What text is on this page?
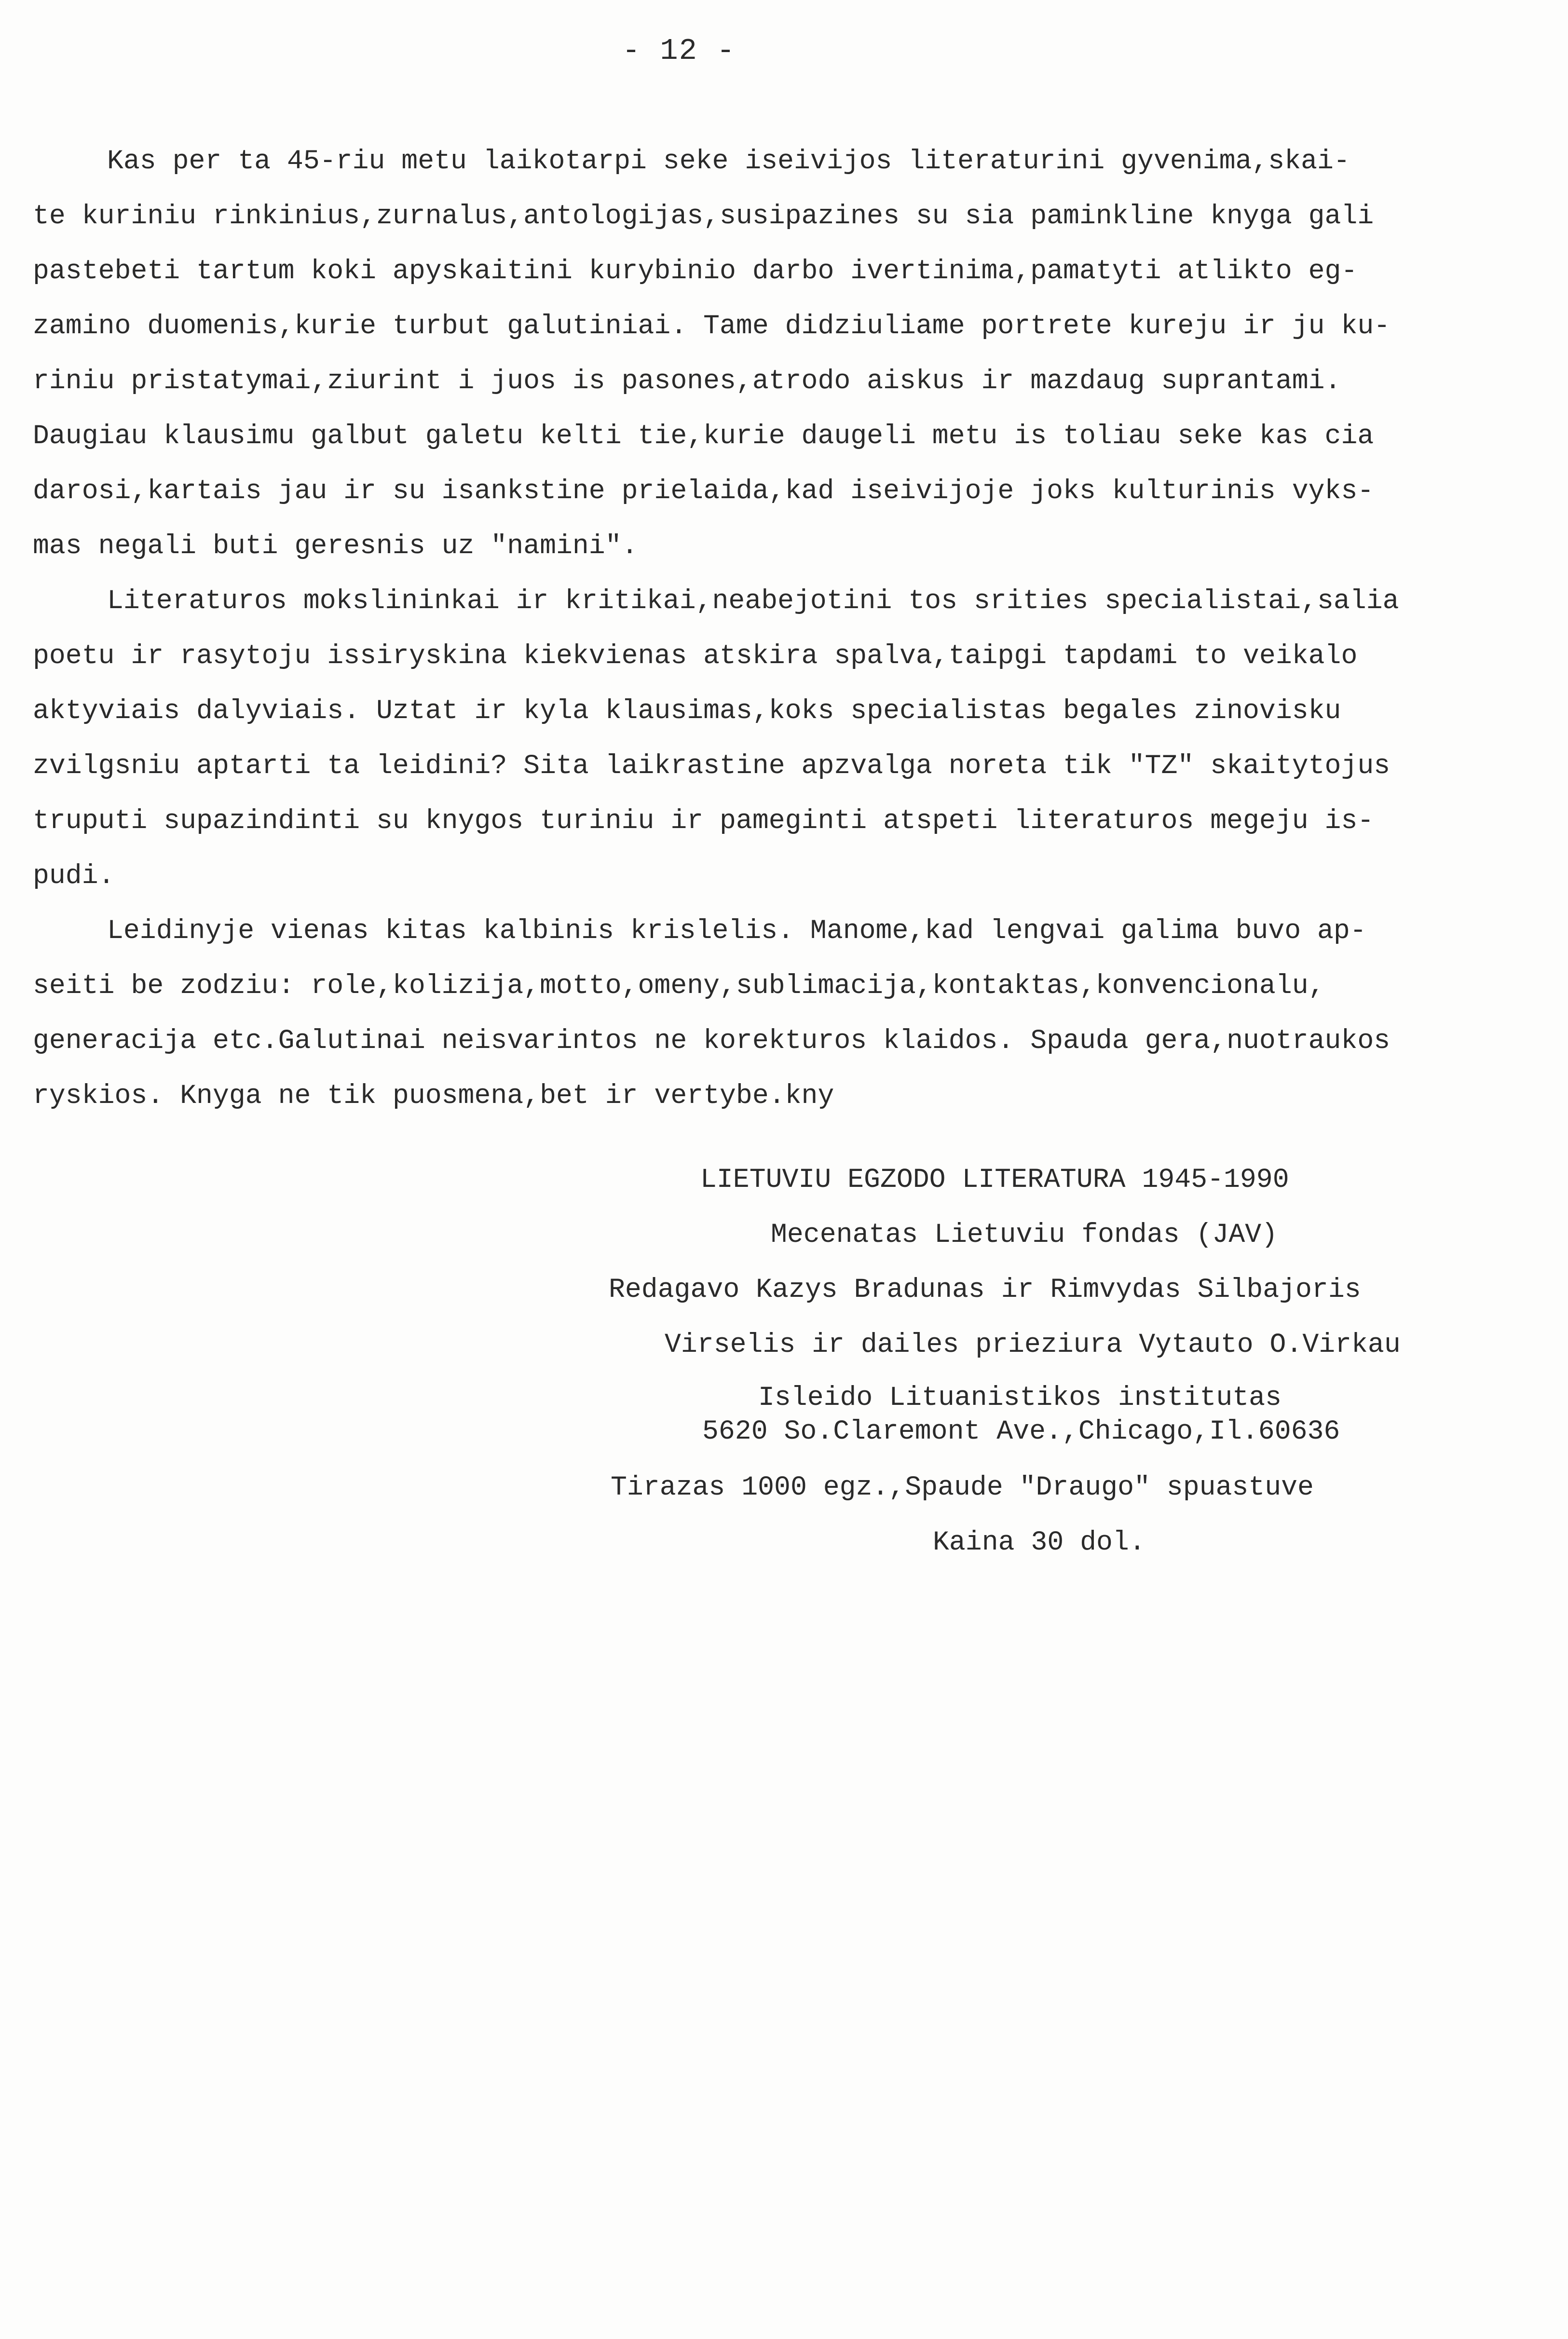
- 12 -
Kas per ta 45-riu metu laikotarpi seke iseivijos literaturini gyvenima,skai-
te kuriniu rinkinius,zurnalus,antologijas,susipazines su sia paminkline knyga gali
pastebeti tartum koki apyskaitini kurybinio darbo ivertinima,pamatyti atlikto eg-
zamino duomenis,kurie turbut galutiniai. Tame didziuliame portrete kureju ir ju ku-
riniu pristatymai,ziurint i juos is pasones,atrodo aiskus ir mazdaug suprantami.
Daugiau klausimu galbut galetu kelti tie,kurie daugeli metu is toliau seke kas cia
darosi,kartais jau ir su isankstine prielaida,kad iseivijoje joks kulturinis vyks-
mas negali buti geresnis uz "namini".
Literaturos mokslininkai ir kritikai,neabejotini tos srities specialistai,salia
poetu ir rasytoju issiryskina kiekvienas atskira spalva,taipgi tapdami to veikalo
aktyviais dalyviais. Uztat ir kyla klausimas,koks specialistas begales zinovisku
zvilgsniu aptarti ta leidini? Sita laikrastine apzvalga noreta tik "TZ" skaitytojus
truputi supazindinti su knygos turiniu ir pameginti atspeti literaturos megeju is-
pudi.
Leidinyje vienas kitas kalbinis krislelis. Manome,kad lengvai galima buvo ap-
seiti be zodziu: role,kolizija,motto,omeny,sublimacija,kontaktas,konvencionalu,
generacija etc.Galutinai neisvarintos ne korekturos klaidos. Spauda gera,nuotraukos
ryskios. Knyga ne tik puosmena,bet ir vertybe.kny
LIETUVIU EGZODO LITERATURA 1945-1990
Mecenatas Lietuviu fondas (JAV)
Redagavo Kazys Bradunas ir Rimvydas Silbajoris
Virselis ir dailes prieziura Vytauto O.Virkau
Isleido Lituanistikos institutas
5620 So.Claremont Ave.,Chicago,Il.60636
Tirazas 1000 egz.,Spaude "Draugo" spuastuve
Kaina 30 dol.
